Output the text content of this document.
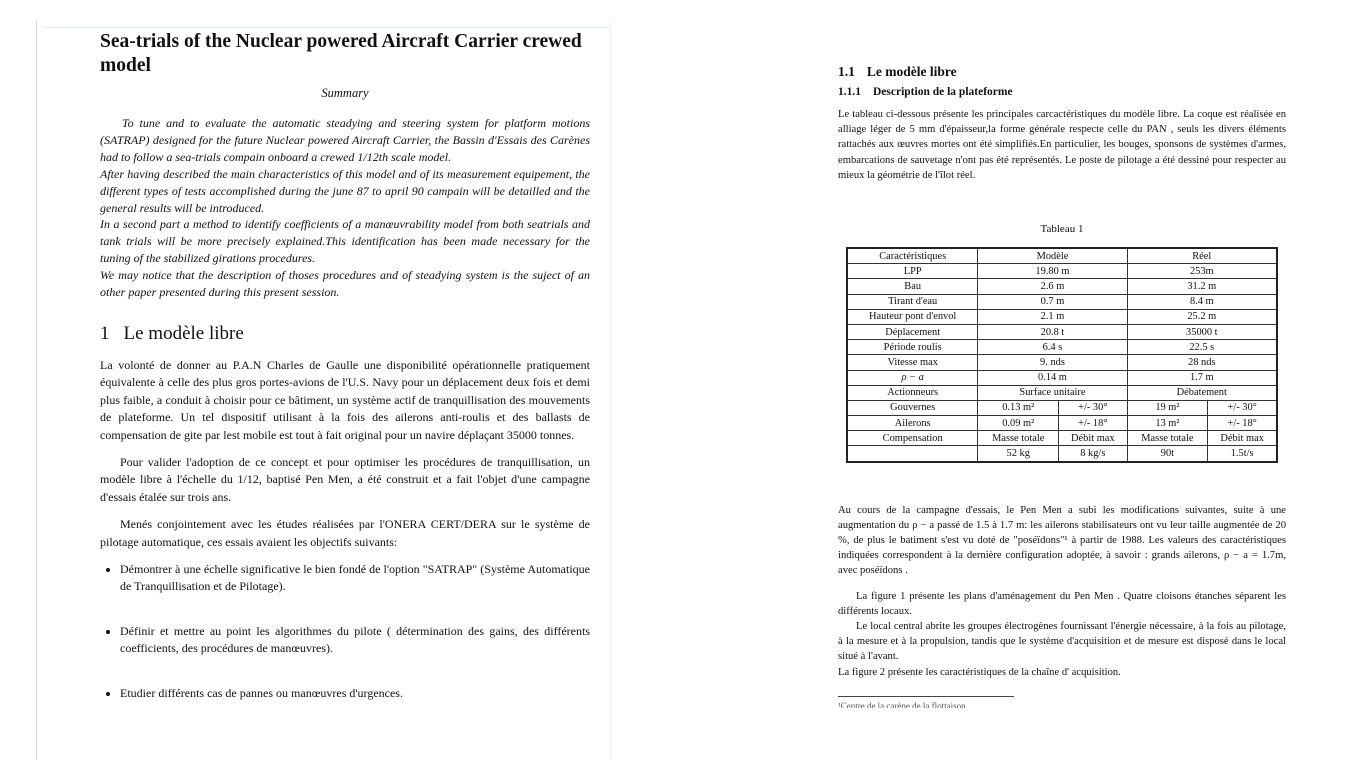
Sea-trials of the Nuclear powered Aircraft Carrier crewed model
Summary

To tune and to evaluate the automatic steadying and steering system for platform motions (SATRAP) designed for the future Nuclear powered Aircraft Carrier, the Bassin d'Essais des Carènes had to follow a sea-trials compain onboard a crewed 1/12th scale model.

After having described the main characteristics of this model and of its measurement equipement, the different types of tests accomplished during the june 87 to april 90 campain will be detailled and the general results will be introduced.

In a second part a method to identify coefficients of a manœuvrability model from both seatrials and tank trials will be more precisely explained.This identification has been made necessary for the tuning of the stabilized girations procedures.

We may notice that the description of thoses procedures and of steadying system is the suject of an other paper presented during this present session.

1 Le modèle libre

La volonté de donner au P.A.N Charles de Gaulle une disponibilité opérationnelle pratiquement équivalente à celle des plus gros portes-avions de l'U.S. Navy pour un déplacement deux fois et demi plus faible, a conduit à choisir pour ce bâtiment, un système actif de tranquillisation des mouvements de plateforme. Un tel dispositif utilisant à la fois des ailerons anti-roulis et des ballasts de compensation de gite par lest mobile est tout à fait original pour un navire déplaçant 35000 tonnes.

Pour valider l'adoption de ce concept et pour optimiser les procédures de tranquillisation, un modèle libre à l'échelle du 1/12, baptisé Pen Men, a été construit et a fait l'objet d'une campagne d'essais étalée sur trois ans.

Menés conjointement avec les études réalisées par l'ONERA CERT/DERA sur le système de pilotage automatique, ces essais avaient les objectifs suivants:

• Démontrer à une échelle significative le bien fondé de l'option "SATRAP" (Système Automatique de Tranquillisation et de Pilotage).
• Définir et mettre au point les algorithmes du pilote ( détermination des gains, des différents coefficients, des procédures de manœuvres).
• Etudier différents cas de pannes ou manœuvres d'urgences.
1.1 Le modèle libre
1.1.1 Description de la plateforme

Le tableau ci-dessous présente les principales carcactéristiques du modèle libre. La coque est réalisée en alliage léger de 5 mm d'épaisseur,la forme générale respecte celle du PAN , seuls les divers éléments rattachés aux œuvres mortes ont été simplifiés.En particulier, les bouges, sponsons de systèmes d'armes, embarcations de sauvetage n'ont pas été représentés. Le poste de pilotage a été dessiné pour respecter au mieux la géométrie de l'îlot réel.

Tableau 1
Caractéristiques	Modèle		Réel	
LPP	19.80 m		253m	
Bau	2.6 m		31.2 m	
Tirant d'eau	0.7 m		8.4 m	
Hauteur pont d'envol	2.1 m		25.2 m	
Déplacement	20.8 t		35000 t	
Période roulis	6.4 s		22.5 s	
Vitesse max	9. nds		28 nds	
ρ − a	0.14 m		1.7 m	
Actionneurs	Surface unitaire		Débatement	
Gouvernes	0.13 m²	+/- 30°	19 m²	+/- 30°
Ailerons	0.09 m²	+/- 18°	13 m²	+/- 18°
Compensation	Masse totale	Débit max	Masse totale	Débit max
	52 kg	8 kg/s	90t	1.5t/s

Au cours de la campagne d'essais, le Pen Men a subi les modifications suivantes, suite à une augmentation du ρ − a passé de 1.5 à 1.7 m: les ailerons stabilisateurs ont vu leur taille augmentée de 20 %, de plus le batiment s'est vu doté de "poséïdons"¹ à partir de 1988. Les valeurs des caractéristiques indiquées correspondent à la dernière configuration adoptée, à savoir : grands ailerons, ρ − a = 1.7m, avec poséïdons .

La figure 1 présente les plans d'aménagement du Pen Men . Quatre cloisons étanches séparent les différents locaux.

Le local central abrite les groupes électrogènes fournissant l'énergie nécessaire, à la fois au pilotage, à la mesure et à la propulsion, tandis que le système d'acquisition et de mesure est disposé dans le local situé à l'avant.

La figure 2 présente les caractéristiques de la chaîne d' acquisition.

¹Centre de la carène de la flottaison
